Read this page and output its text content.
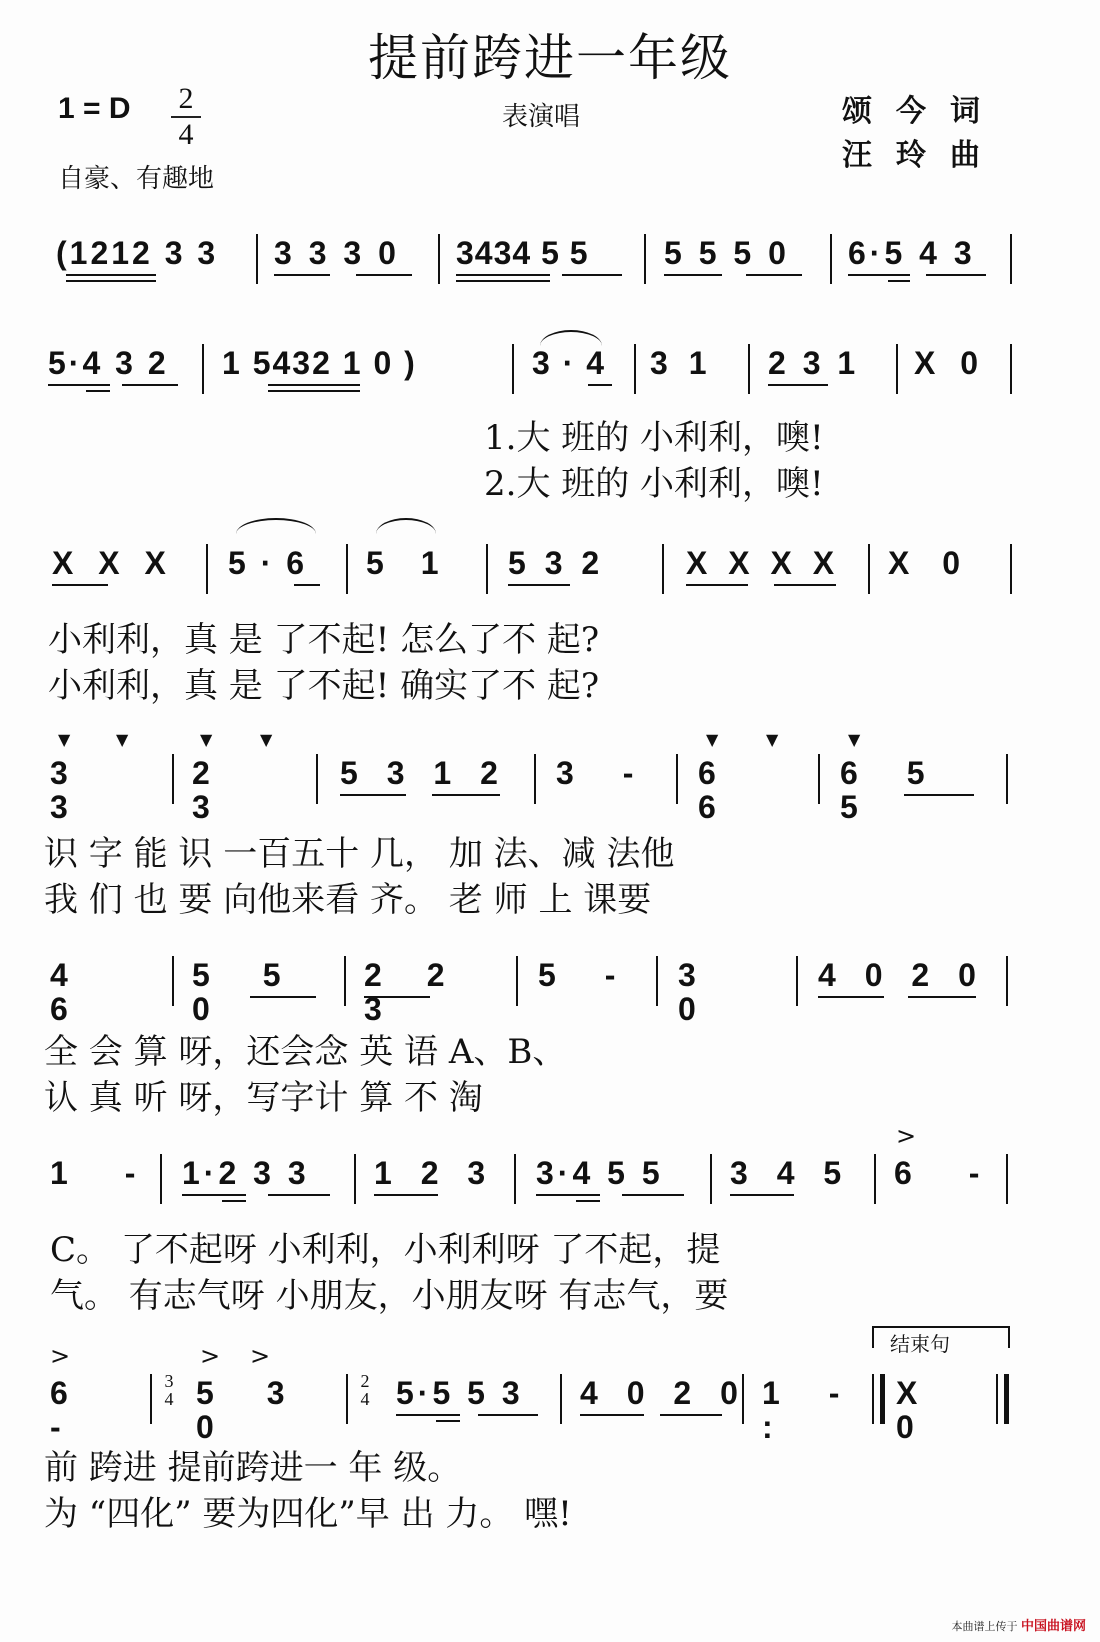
提前跨进一年级
1 = D	2
4
表演唱	颂今词
汪玲曲
自豪、有趣地
(1212 3 3	3 3 3 0	3434 5 5	5 5 5 0	6·5 4 3
5·4 3 2	1 5432 1 0 )	3 · 4	3 1	2 3 1	X 0
1.大 班的 小利利，噢!
2.大 班的 小利利，噢!
X X X	5 · 6	5 1 5 3 2	X X X X	X 0
小利利，真 是 了不起! 怎么了不 起?
小利利，真 是 了不起! 确实了不 起?
▼	▼
3 3
▼	▼
2 3
5 3 1 2	3 -
▼	▼
6 6
▼
6 5 5
识 字 能 识 一百五十 几， 加 法、减 法他
我 们 也 要 向他来看 齐。 老 师 上 课要
4 6
5 5 0
2 2 3
5 -	3 0
4 0 2 0
全 会 算 呀，还会念 英 语 A、B、
认 真 听 呀，写字计 算 不 淘
1 - 1·2 3 3	1 2 3 3·4 5 5	3 4 5
>
6 -
C。 了不起呀 小利利，小利利呀 了不起，提
气。 有志气呀 小朋友，小朋友呀 有志气，要
结束句
>
6 -
3
4
> >
5 3 0
2
4 5·5 5 3	4 0 2 0 1 - :
X 0
前 跨进 提前跨进一 年 级。
为 “四化” 要为四化”早 出 力。 嘿!
本曲谱上传于 中国曲谱网
